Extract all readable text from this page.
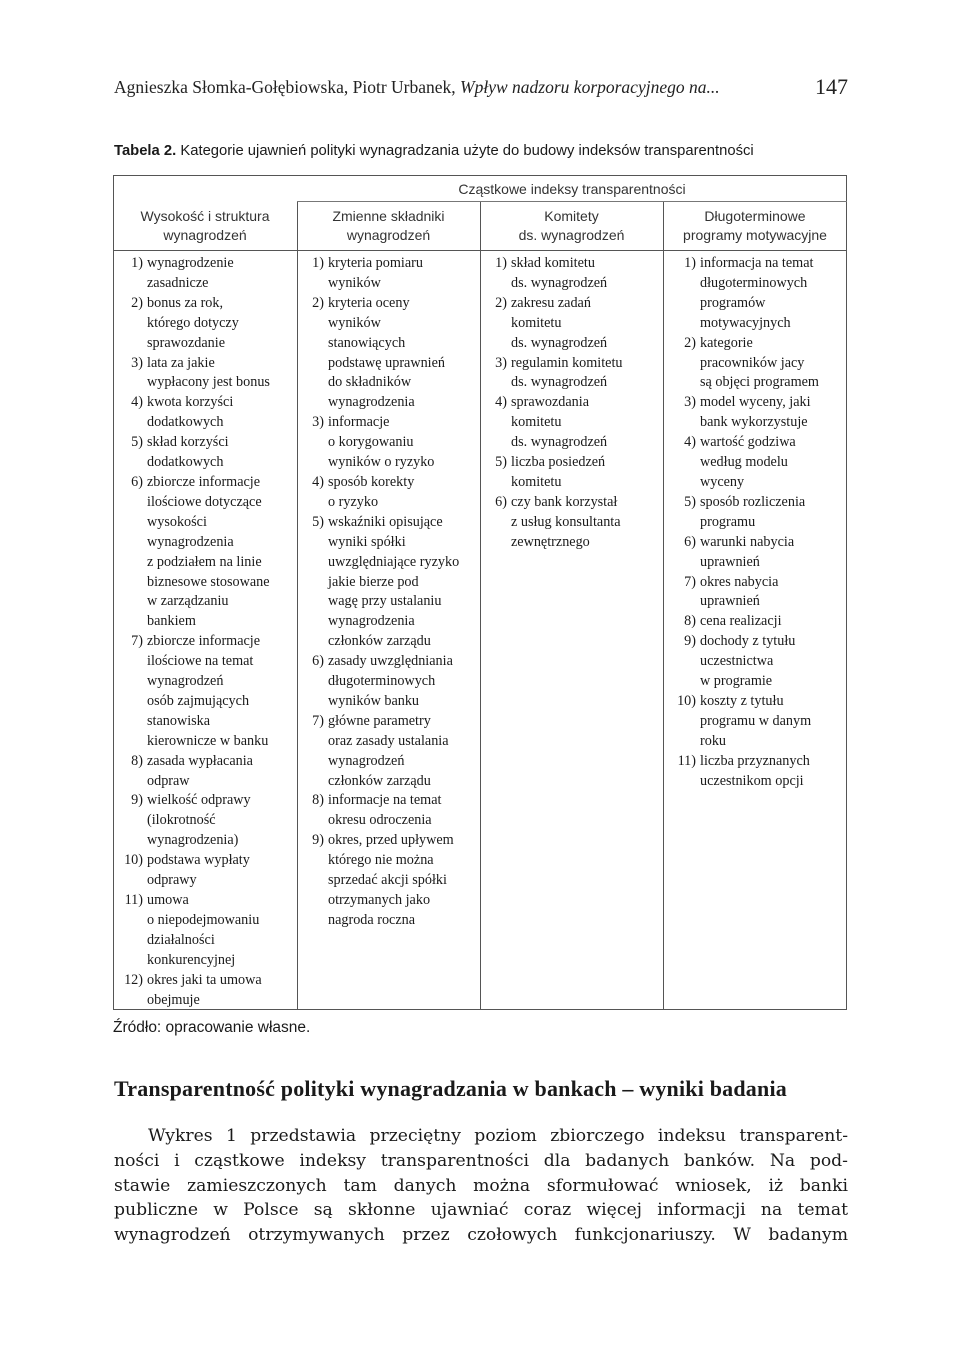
Agnieszka Słomka-Gołębiowska, Piotr Urbanek, Wpływ nadzoru korporacyjnego na...	147
Tabela 2. Kategorie ujawnień polityki wynagradzania użyte do budowy indeksów transparentności
Cząstkowe indeksy transparentności
Wysokość i struktura
wynagrodzeń
Zmienne składniki
wynagrodzeń
Komitety
ds. wynagrodzeń
Długoterminowe
programy motywacyjne
1) wynagrodzenie
zasadnicze
2) bonus za rok,
którego dotyczy
sprawozdanie
3) lata za jakie
wypłacony jest bonus
4) kwota korzyści
dodatkowych
5) skład korzyści
dodatkowych
6) zbiorcze informacje
ilościowe dotyczące
wysokości
wynagrodzenia
z podziałem na linie
biznesowe stosowane
w zarządzaniu
bankiem
7) zbiorcze informacje
ilościowe na temat
wynagrodzeń
osób zajmujących
stanowiska
kierownicze w banku
8) zasada wypłacania
odpraw
9) wielkość odprawy
(ilokrotność
wynagrodzenia)
10) podstawa wypłaty
odprawy
11) umowa
o niepodejmowaniu
działalności
konkurencyjnej
12) okres jaki ta umowa
obejmuje
1) kryteria pomiaru
wyników
2) kryteria oceny
wyników
stanowiących
podstawę uprawnień
do składników
wynagrodzenia
3) informacje
o korygowaniu
wyników o ryzyko
4) sposób korekty
o ryzyko
5) wskaźniki opisujące
wyniki spółki
uwzględniające ryzyko
jakie bierze pod
wagę przy ustalaniu
wynagrodzenia
członków zarządu
6) zasady uwzględniania
długoterminowych
wyników banku
7) główne parametry
oraz zasady ustalania
wynagrodzeń
członków zarządu
8) informacje na temat
okresu odroczenia
9) okres, przed upływem
którego nie można
sprzedać akcji spółki
otrzymanych jako
nagroda roczna
1) skład komitetu
ds. wynagrodzeń
2) zakresu zadań
komitetu
ds. wynagrodzeń
3) regulamin komitetu
ds. wynagrodzeń
4) sprawozdania
komitetu
ds. wynagrodzeń
5) liczba posiedzeń
komitetu
6) czy bank korzystał
z usług konsultanta
zewnętrznego
1) informacja na temat
długoterminowych
programów
motywacyjnych
2) kategorie
pracowników jacy
są objęci programem
3) model wyceny, jaki
bank wykorzystuje
4) wartość godziwa
według modelu
wyceny
5) sposób rozliczenia
programu
6) warunki nabycia
uprawnień
7) okres nabycia
uprawnień
8) cena realizacji
9) dochody z tytułu
uczestnictwa
w programie
10) koszty z tytułu
programu w danym
roku
11) liczba przyznanych
uczestnikom opcji
Źródło: opracowanie własne.
Transparentność polityki wynagradzania w bankach – wyniki badania
Wykres 1 przedstawia przeciętny poziom zbiorczego indeksu transparent-
ności i cząstkowe indeksy transparentności dla badanych banków. Na pod-
stawie zamieszczonych tam danych można sformułować wniosek, iż banki
publiczne w Polsce są skłonne ujawniać coraz więcej informacji na temat
wynagrodzeń otrzymywanych przez czołowych funkcjonariuszy. W badanym
